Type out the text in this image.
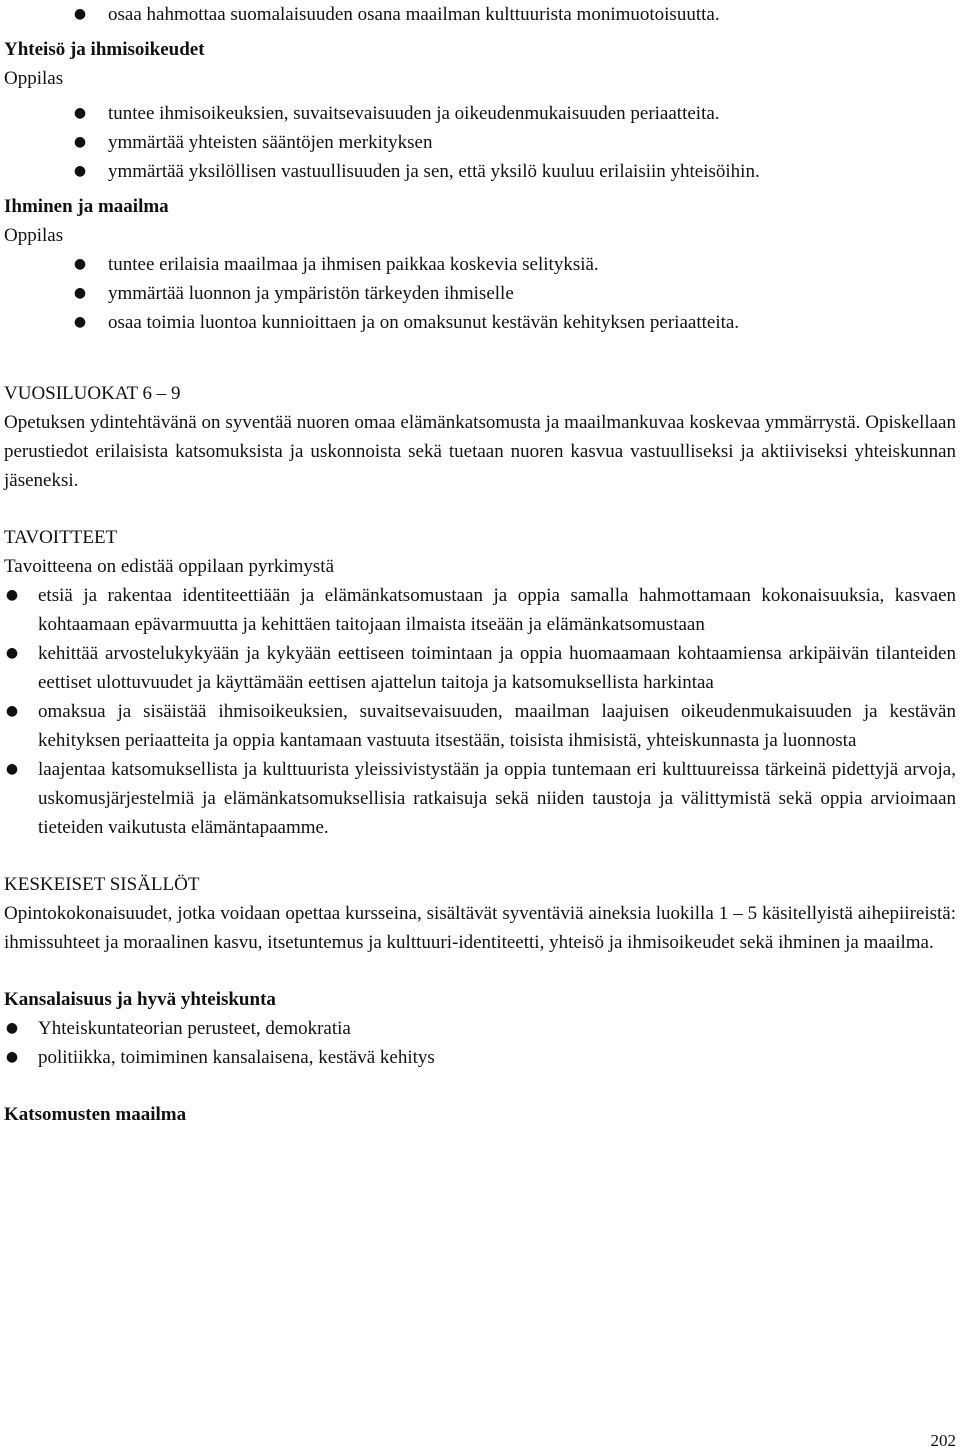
● osaa hahmottaa suomalaisuuden osana maailman kulttuurista monimuotoisuutta.

Yhteisö ja ihmisoikeudet

Oppilas

● tuntee ihmisoikeuksien, suvaitsevaisuuden ja oikeudenmukaisuuden periaatteita.
● ymmärtää yhteisten sääntöjen merkityksen
● ymmärtää yksilöllisen vastuullisuuden ja sen, että yksilö kuuluu erilaisiin yhteisöihin.

Ihminen ja maailma

Oppilas

● tuntee erilaisia maailmaa ja ihmisen paikkaa koskevia selityksiä.
● ymmärtää luonnon ja ympäristön tärkeyden ihmiselle
● osaa toimia luontoa kunnioittaen ja on omaksunut kestävän kehityksen periaatteita.

VUOSILUOKAT 6 – 9

Opetuksen ydintehtävänä on syventää nuoren omaa elämänkatsomusta ja maailmankuvaa koskevaa ymmärrystä. Opiskellaan perustiedot erilaisista katsomuksista ja uskonnoista sekä tuetaan nuoren kasvua vastuulliseksi ja aktiiviseksi yhteiskunnan jäseneksi.

TAVOITTEET

Tavoitteena on edistää oppilaan pyrkimystä

● etsiä ja rakentaa identiteettiään ja elämänkatsomustaan ja oppia samalla hahmottamaan kokonaisuuksia, kasvaen kohtaamaan epävarmuutta ja kehittäen taitojaan ilmaista itseään ja elämänkatsomustaan
● kehittää arvostelukykyään ja kykyään eettiseen toimintaan ja oppia huomaamaan kohtaamiensa arkipäivän tilanteiden eettiset ulottuvuudet ja käyttämään eettisen ajattelun taitoja ja katsomuksellista harkintaa
● omaksua ja sisäistää ihmisoikeuksien, suvaitsevaisuuden, maailman laajuisen oikeudenmukaisuuden ja kestävän kehityksen periaatteita ja oppia kantamaan vastuuta itsestään, toisista ihmisistä, yhteiskunnasta ja luonnosta
● laajentaa katsomuksellista ja kulttuurista yleissivistystään ja oppia tuntemaan eri kulttuureissa tärkeinä pidettyjä arvoja, uskomusjärjestelmiä ja elämänkatsomuksellisia ratkaisuja sekä niiden taustoja ja välittymistä sekä oppia arvioimaan tieteiden vaikutusta elämäntapaamme.

KESKEISET SISÄLLÖT

Opintokokonaisuudet, jotka voidaan opettaa kursseina, sisältävät syventäviä aineksia luokilla 1 – 5 käsitellyistä aihepiireistä: ihmissuhteet ja moraalinen kasvu, itsetuntemus ja kulttuuri-identiteetti, yhteisö ja ihmisoikeudet sekä ihminen ja maailma.

Kansalaisuus ja hyvä yhteiskunta

● Yhteiskuntateorian perusteet, demokratia
● politiikka, toimiminen kansalaisena, kestävä kehitys

Katsomusten maailma

202
